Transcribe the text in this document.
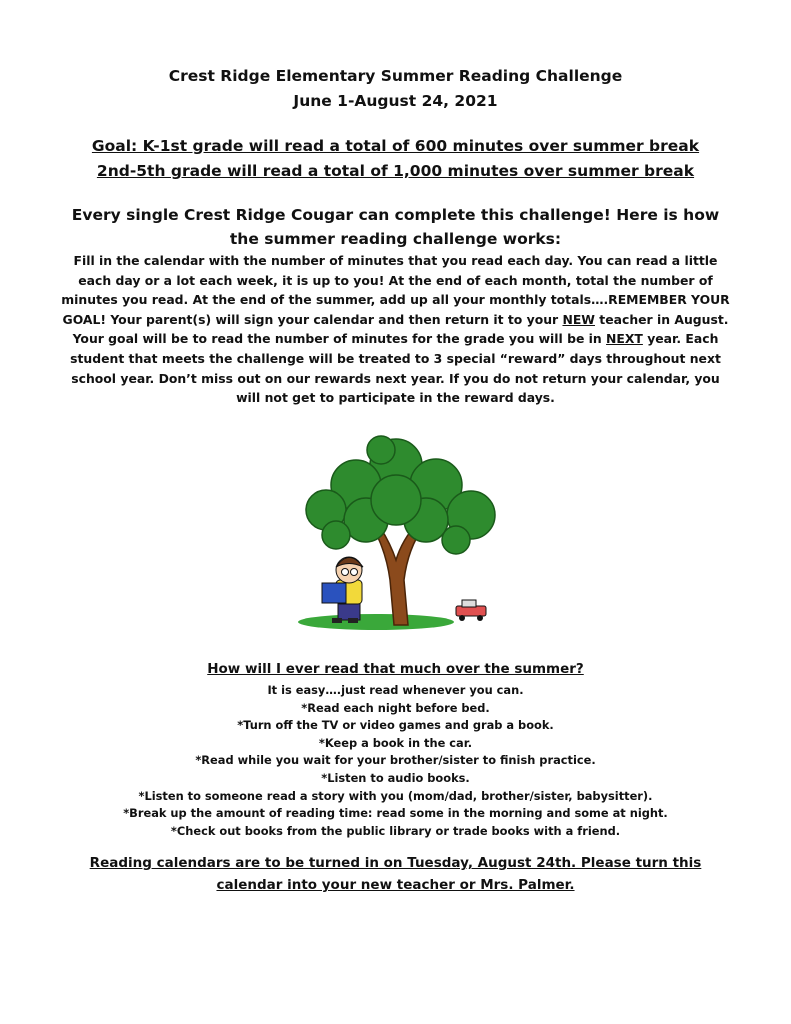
Crest Ridge Elementary Summer Reading Challenge
June 1-August 24, 2021
Goal: K-1st grade will read a total of 600 minutes over summer break
2nd-5th grade will read a total of 1,000 minutes over summer break
Every single Crest Ridge Cougar can complete this challenge! Here is how the summer reading challenge works:
Fill in the calendar with the number of minutes that you read each day. You can read a little each day or a lot each week, it is up to you! At the end of each month, total the number of minutes you read. At the end of the summer, add up all your monthly totals….REMEMBER YOUR GOAL! Your parent(s) will sign your calendar and then return it to your NEW teacher in August. Your goal will be to read the number of minutes for the grade you will be in NEXT year. Each student that meets the challenge will be treated to 3 special “reward” days throughout next school year. Don’t miss out on our rewards next year. If you do not return your calendar, you will not get to participate in the reward days.
How will I ever read that much over the summer?
It is easy….just read whenever you can.
*Read each night before bed.
*Turn off the TV or video games and grab a book.
*Keep a book in the car.
*Read while you wait for your brother/sister to finish practice.
*Listen to audio books.
*Listen to someone read a story with you (mom/dad, brother/sister, babysitter).
*Break up the amount of reading time: read some in the morning and some at night.
*Check out books from the public library or trade books with a friend.
Reading calendars are to be turned in on Tuesday, August 24th. Please turn this calendar into your new teacher or Mrs. Palmer.
